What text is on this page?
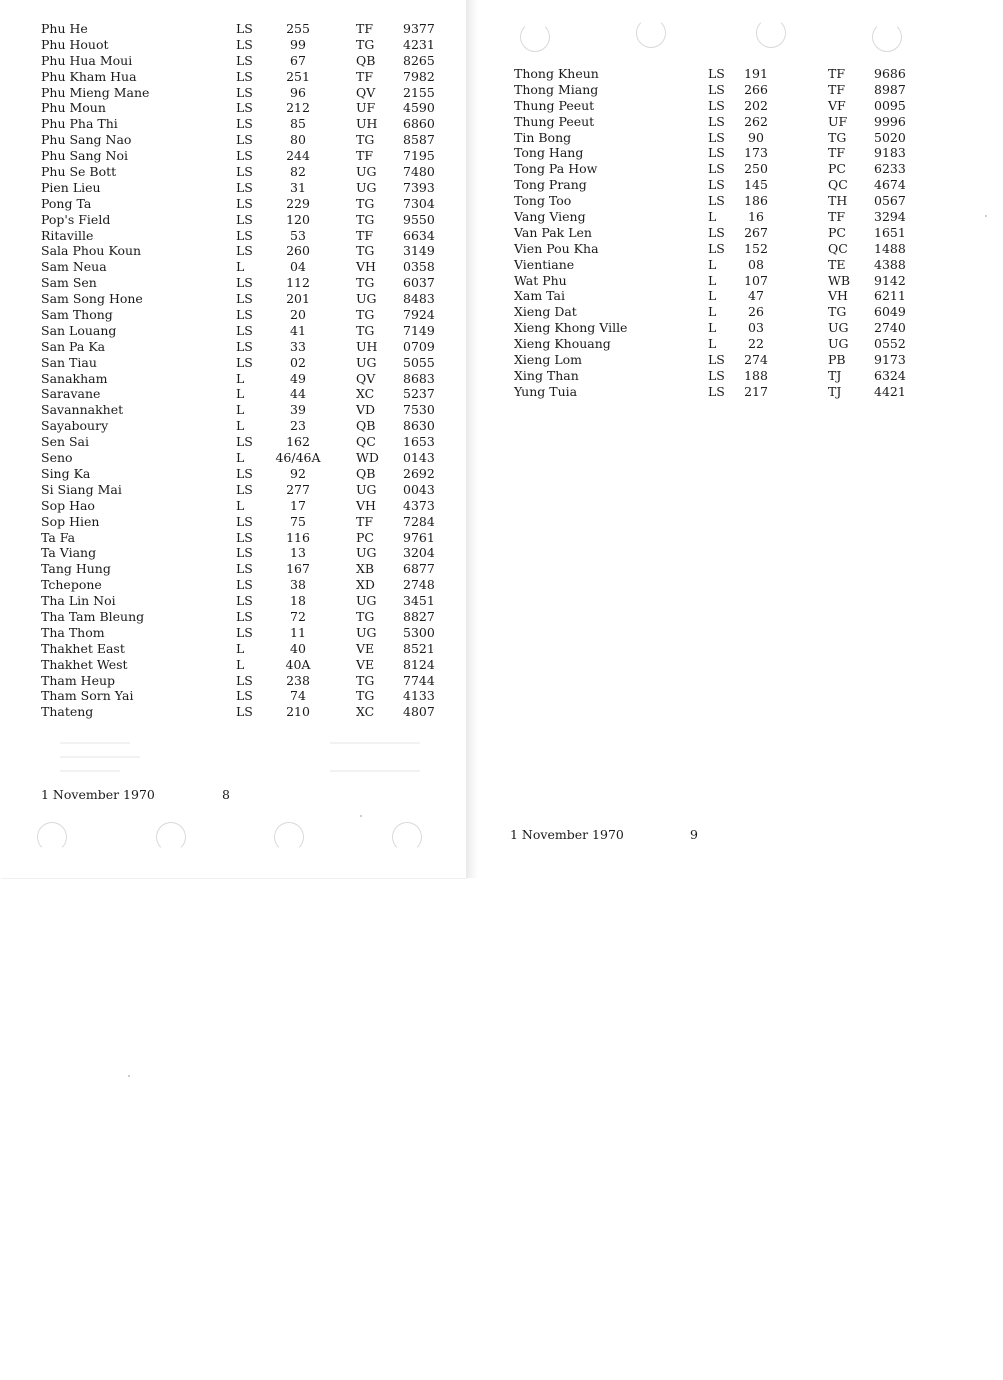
Phu He	LS	255	TF 9377
Phu Houot	LS	99	TG 4231
Phu Hua Moui	LS	67	QB 8265
Phu Kham Hua	LS	251	TF 7982
Phu Mieng Mane	LS	96	QV 2155
Phu Moun	LS	212	UF 4590
Phu Pha Thi	LS	85	UH 6860
Phu Sang Nao	LS	80	TG 8587
Phu Sang Noi	LS	244	TF 7195
Phu Se Bott	LS	82	UG 7480
Pien Lieu	LS	31	UG 7393
Pong Ta	LS	229	TG 7304
Pop's Field	LS	120	TG 9550
Ritaville	LS	53	TF 6634
Sala Phou Koun	LS	260	TG 3149
Sam Neua	L	04	VH 0358
Sam Sen	LS	112	TG 6037
Sam Song Hone	LS	201	UG 8483
Sam Thong	LS	20	TG 7924
San Louang	LS	41	TG 7149
San Pa Ka	LS	33	UH 0709
San Tiau	LS	02	UG 5055
Sanakham	L	49	QV 8683
Saravane	L	44	XC 5237
Savannakhet	L	39	VD 7530
Sayaboury	L	23	QB 8630
Sen Sai	LS	162	QC 1653
Seno	L	46/46A	WD 0143
Sing Ka	LS	92	QB 2692
Si Siang Mai	LS	277	UG 0043
Sop Hao	L	17	VH 4373
Sop Hien	LS	75	TF 7284
Ta Fa	LS	116	PC 9761
Ta Viang	LS	13	UG 3204
Tang Hung	LS	167	XB 6877
Tchepone	LS	38	XD 2748
Tha Lin Noi	LS	18	UG 3451
Tha Tam Bleung	LS	72	TG 8827
Tha Thom	LS	11	UG 5300
Thakhet East	L	40	VE 8521
Thakhet West	L	40A	VE 8124
Tham Heup	LS	238	TG 7744
Tham Sorn Yai	LS	74	TG 4133
Thateng	LS	210	XC 4807
Thong Kheun	LS	191	TF 9686
Thong Miang	LS	266	TF 8987
Thung Peeut	LS	202	VF 0095
Thung Peeut	LS	262	UF 9996
Tin Bong	LS	90	TG 5020
Tong Hang	LS	173	TF 9183
Tong Pa How	LS	250	PC 6233
Tong Prang	LS	145	QC 4674
Tong Too	LS	186	TH 0567
Vang Vieng	L	16	TF 3294
Van Pak Len	LS	267	PC 1651
Vien Pou Kha	LS	152	QC 1488
Vientiane	L	08	TE 4388
Wat Phu	L	107	WB 9142
Xam Tai	L	47	VH 6211
Xieng Dat	L	26	TG 6049
Xieng Khong Ville	L	03	UG 2740
Xieng Khouang	L	22	UG 0552
Xieng Lom	LS	274	PB 9173
Xing Than	LS	188	TJ	6324
Yung Tuia	LS	217	TJ	4421
1 November 1970	8
1 November 1970	9
